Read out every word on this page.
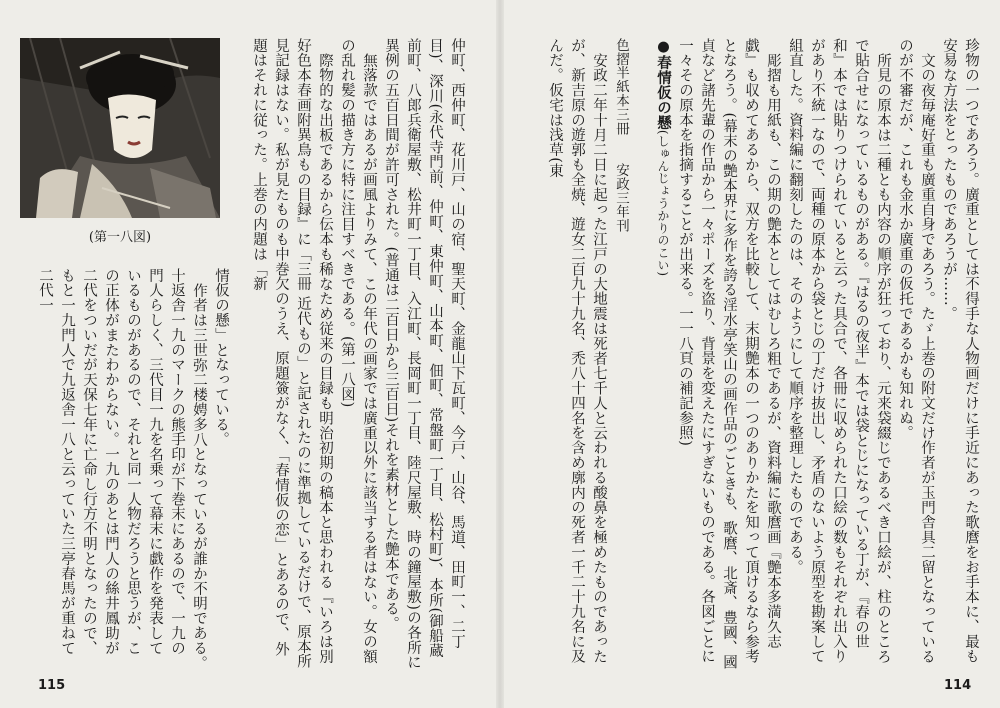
仲町、西仲町、花川戸、山の宿、聖天町、金龍山下瓦町、今戸、山谷、馬道、田町一、二丁目)、深川(永代寺門前、仲町、東仲町、山本町、佃町、常盤町一丁目、松村町)、本所(御船蔵前町、八郎兵衛屋敷、松井町一丁目、入江町、長岡町一丁目、陸尺屋敷、時の鐘屋敷)の各所に異例の五百日間が許可された。(普通は二百日から三百日)それを素材とした艶本である。

無落款ではあるが画風よりみて、この年代の画家では廣重以外に該当する者はない。女の額の乱れ髪の描き方に特に注目すべきである。(第一八図)

際物的な出板であるから伝本も稀なため従来の目録も明治初期の稿本と思われる『いろは別好色本春画附異鳥もの目録』に「三冊 近代もの」と記されたのに準拠しているだけで、原本所見記録はない。私が見たものも中巻欠のうえ、原題簽がなく、「春情仮の恋」とあるので、外題はそれに従った。上巻の内題は「新

(第一八図)

情仮の懸」となっている。

作者は三世弥二楼娉多八となっているが誰か不明である。十返舎一九のマークの熊手印が下巻末にあるので、一九の門人らしく、三代目一九を名乗って幕末に戯作を発表しているものがあるので、それと同一人物だろうと思うが、この正体がまたわからない。一九のあとは門人の絲井鳳助が二代をついだが天保七年に亡命し行方不明となったので、もと一九門人で九返舎一八と云っていた三亭春馬が重ねて二代一

115

珍物の一つであろう。廣重としては不得手な人物画だけに手近にあった歌麿をお手本に、最も安易な方法をとったものであろうが……。

文の夜毎庵好重も廣重自身であろう。たゞ上巻の附文だけ作者が玉門舎具二留となっているのが不審だが、これも金水か廣重の仮托であるかも知れぬ。

所見の原本は二種とも内容の順序が狂っており、元来袋綴じであるべき口絵が、柱のところで貼合せになっているものがある。『はるの夜半』本では袋とじになっている丁が、『春の世和』本では貼りつけられていると云った具合で、各冊に収められた口絵の数もそれぞれ出入りがあり不統一なので、両種の原本から袋とじの丁だけ抜出し、矛盾のないよう原型を勘案して組直した。資料編に翻刻したのは、そのようにして順序を整理したものである。

彫摺も用紙も、この期の艶本としてはむしろ粗であるが、資料編に歌麿画『艶本多満久志戯』も収めてあるから、双方を比較して、末期艶本の一つのありかたを知って頂けるなら参考となろう。(幕末の艶本界に多作を誇る淫水亭笑山の画作品のごときも、歌麿、北斎、豊國、國貞など諸先輩の作品から一々ポーズを盗り、背景を変えたにすぎないものである。各図ごとに一々その原本を指摘することが出来る。一一八頁の補記参照)

●春情仮の懸(しゅんじょうかりのこい)

色摺半紙本三冊　　安政三年刊

安政二年十月二日に起った江戸の大地震は死者七千人と云われる酸鼻を極めたものであったが、新吉原の遊郭も全焼、遊女二百九十九名、禿八十四名を含め廓内の死者一千二十九名に及んだ。仮宅は浅草(東

114
